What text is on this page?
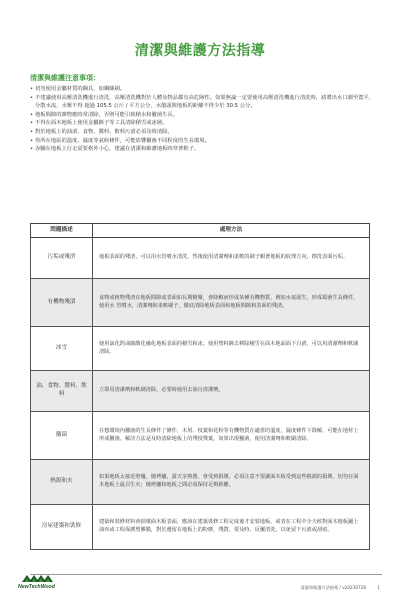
清潔與維護方法指導
清潔與維護注意事項：
• 切勿使用金屬材質的鋼具，如鋼絲刷。
• 不建議使用高壓清洗機進行清洗，高壓清洗機對於人體及物品都有高危險性。如果無論一定要使用高壓清洗機進行清洗時，請將出水口調至寬平，分散水流，水壓不得 超過 105.5 公斤 / 平方公分，水龍頭與地板的距離不得少於 30.5 公分。
• 地板間隙的雜物應時常清除，否則可能引致積水和黴菌生長。
• 不得在面木地板上使用金屬鏟子等工具清除積雪或冰層。
• 對於地板上的油漬、食物、醬料、飲料污漬必須及時清除。
• 你所在地區的溫度、濕度等氣候條件，可能影響黴菌不同程度的生長環境。
• 赤腳在地板上行走需要格外小心，建議在清潔和維護地板時穿著鞋子。
問題描述	處理方法
污垢或殘渣	地板表面的殘渣，可以用水管噴水清洗，然後使用清潔劑和柔軟的刷子順著地板的紋理方向，擦洗表面污垢。
有機物殘漬	食物或植物殘渣在地板間隙或表面如長期積聚，會降解而形成某種有機物質，例如水氣滋生，形成霉菌生長條件。使用水 管噴水，清潔劑和柔軟刷子，徹底清除地板表面和地板間隙和表面的殘渣。
冰雪	使用氯化鈣或碳酸化融化地板表面的積雪和冰。使用塑料鏟去移除積雪在面木地面面下白漬，可以用清潔劑和軟刷清除。
油、食物、醬料、飲料	立即用清潔劑和軟刷清除，必要時使用去油污清潔劑。
黴菌	在想環境內黴菌的生長條件了條件，木屑、枝葉和花粉等有機物質在適當的溫度，濕度條件下降解，可能在地材上形成黴菌。解決方法是及時清除地板上的殘枝殘葉，如果出現黴菌，使用清潔劑和軟刷清除。
熱源和火	如果地板太接近壁爐，燒烤爐，露天享熱器，會受到損壞，必須注意不要讓面木板受到這些熱源的損壞。切勿在面木地板上最召生火；燒烤爐和地板之間必須保持足夠距離。
房屋建築和裝修	建築和裝修材料會損壞面木板表面，應該在建築裝修工程完成後才安裝地板。或者在工程中全天候對面木地板鋪上油布或工程保護塑膠膜，對於遺留在地板上的粉塵，殘質，要及時、反覆清洗，以免留下污漬或刮痕。
NewTechWood	清潔和維護方法指導 / v20230728	1
